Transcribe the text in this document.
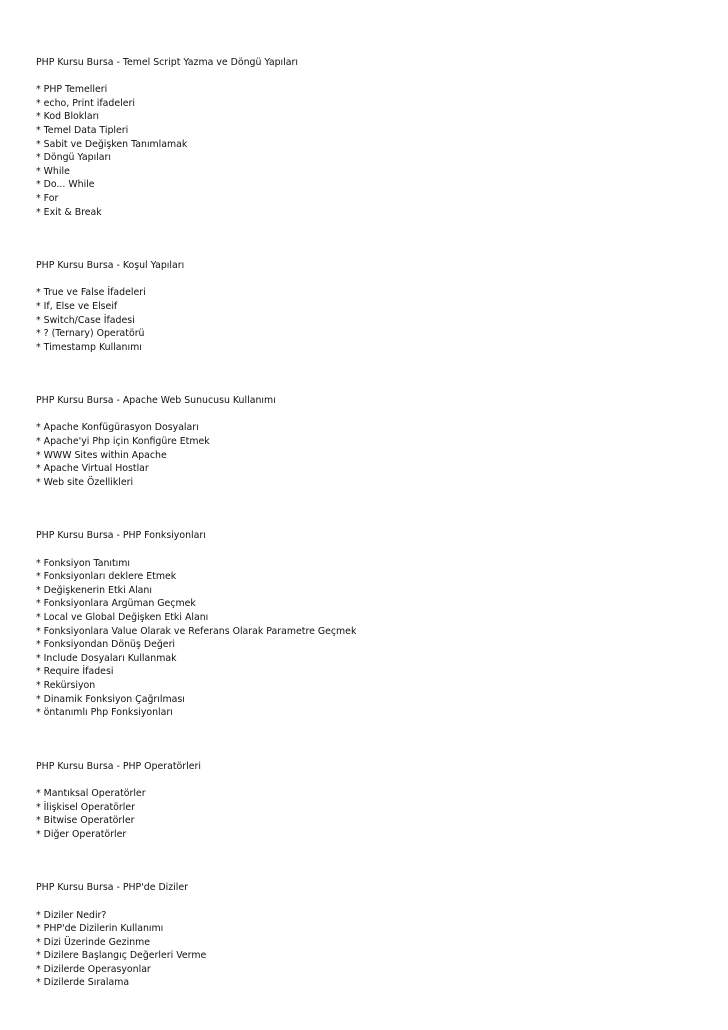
PHP Kursu Bursa - Temel Script Yazma ve Döngü Yapıları
* PHP Temelleri
* echo, Print ifadeleri
* Kod Blokları
* Temel Data Tipleri
* Sabit ve Değişken Tanımlamak
* Döngü Yapıları
* While
* Do... While
* For
* Exit & Break
PHP Kursu Bursa - Koşul Yapıları
* True ve False İfadeleri
* If, Else ve Elseif
* Switch/Case İfadesi
* ? (Ternary) Operatörü
* Timestamp Kullanımı
PHP Kursu Bursa - Apache Web Sunucusu Kullanımı
* Apache Konfügürasyon Dosyaları
* Apache'yi Php için Konfigüre Etmek
* WWW Sites within Apache
* Apache Virtual Hostlar
* Web site Özellikleri
PHP Kursu Bursa - PHP Fonksiyonları
* Fonksiyon Tanıtımı
* Fonksiyonları deklere Etmek
* Değişkenerin Etki Alanı
* Fonksiyonlara Argüman Geçmek
* Local ve Global Değişken Etki Alanı
* Fonksiyonlara Value Olarak ve Referans Olarak Parametre Geçmek
* Fonksiyondan Dönüş Değeri
* Include Dosyaları Kullanmak
* Require İfadesi
* Rekürsiyon
* Dinamik Fonksiyon Çağrılması
* öntanımlı Php Fonksiyonları
PHP Kursu Bursa - PHP Operatörleri
* Mantıksal Operatörler
* İlişkisel Operatörler
* Bitwise Operatörler
* Diğer Operatörler
PHP Kursu Bursa - PHP'de Diziler
* Diziler Nedir?
* PHP'de Dizilerin Kullanımı
* Dizi Üzerinde Gezinme
* Dizilere Başlangıç Değerleri Verme
* Dizilerde Operasyonlar
* Dizilerde Sıralama
